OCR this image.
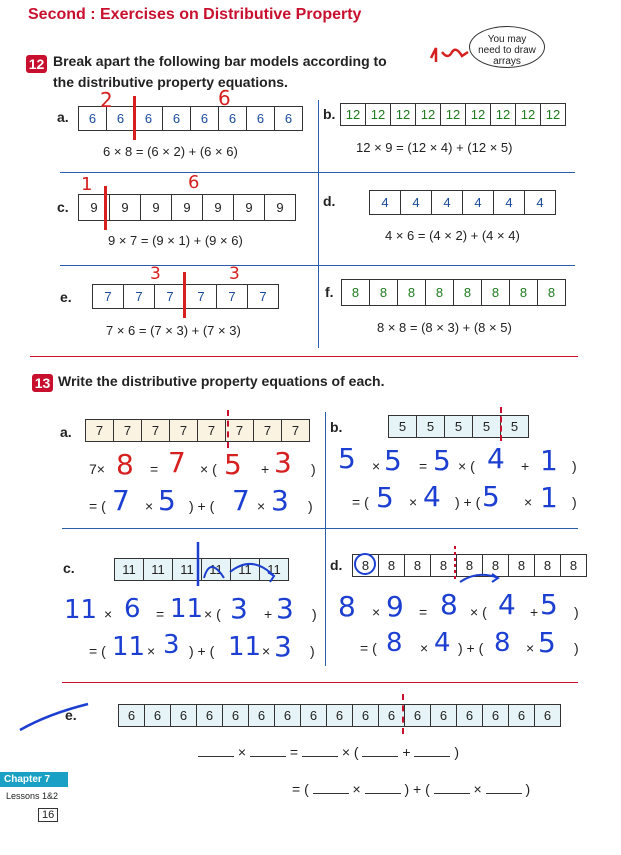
Second : Exercises on Distributive Property
12 Break apart the following bar models according to
the distributive property equations.
You may
need to draw
arrays
a.	6	6	6	6	6	6	6	6
2	6
6 × 8 = (6 × 2) + (6 × 6)
b. 12 12 12 12 12 12 12 12 12
12 × 9 = (12 × 4) + (12 × 5)
c.	9	9	9	9	9	9	9
1	6
9 × 7 = (9 × 1) + (9 × 6)
d.	4	4	4	4	4	4
4 × 6 = (4 × 2) + (4 × 4)
e.	7	7	7	7	7	7
3	3
7 × 6 = (7 × 3) + (7 × 3)
f.	8	8	8	8	8	8	8	8
8 × 8 = (8 × 3) + (8 × 5)
13 Write the distributive property equations of each.
a.	7	7	7	7	7	7	7	7
7× 8 = 7 × ( 5 + 3 )
= ( 7 × 5 ) + ( 7 × 3 )
b.	5	5	5	5	5
5 × 5 = 5 × ( 4 + 1 )
= ( 5 × 4 ) + ( 5 × 1 )
c.	11	11	11	11	11	11
11 × 6 = 11 × ( 3 + 3 )
= ( 11 × 3 ) + ( 11 × 3 )
d.	8	8	8	8	8	8	8	8	8
8 × 9 = 8 × ( 4 + 5 )
= ( 8 × 4 ) + ( 8 × 5 )
e.	6	6	6	6	6	6	6	6	6	6	6	6	6	6	6	6	6
×	=	× (	+	)
= (	×	) + (	×	)
Chapter 7
Lessons 1&2
16
